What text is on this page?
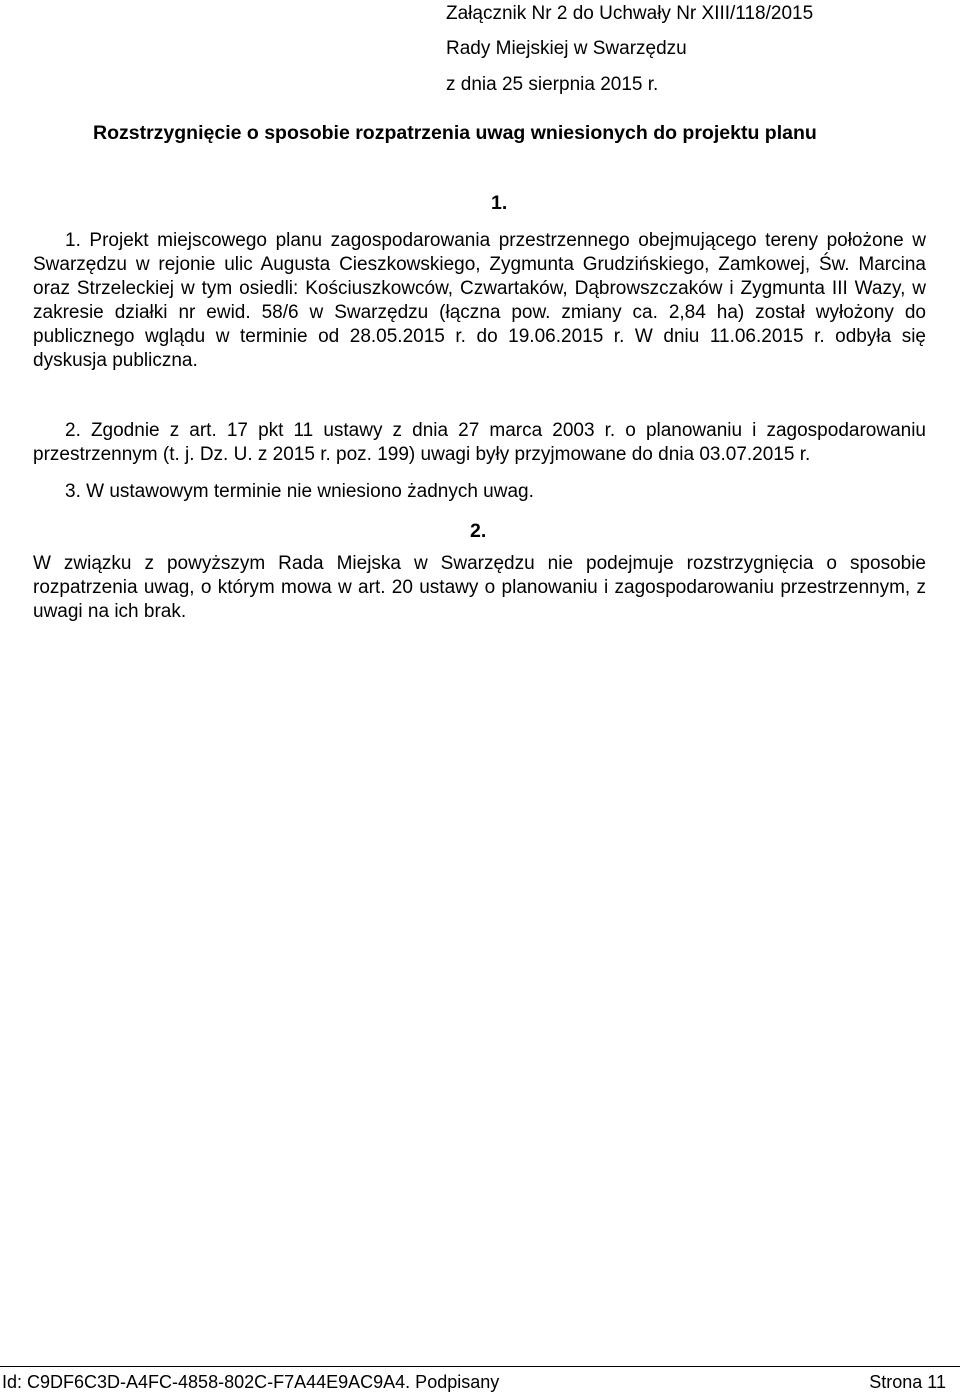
Załącznik Nr 2 do Uchwały Nr XIII/118/2015
Rady Miejskiej w Swarzędzu
z dnia 25 sierpnia 2015 r.
Rozstrzygnięcie o sposobie rozpatrzenia uwag wniesionych do projektu planu
1.
1. Projekt miejscowego planu zagospodarowania przestrzennego obejmującego tereny położone w Swarzędzu w rejonie ulic Augusta Cieszkowskiego, Zygmunta Grudzińskiego, Zamkowej, Św. Marcina oraz Strzeleckiej w tym osiedli: Kościuszkowców, Czwartaków, Dąbrowszczaków i Zygmunta III Wazy, w zakresie działki nr ewid. 58/6 w Swarzędzu (łączna pow. zmiany ca. 2,84 ha) został wyłożony do publicznego wglądu w terminie od 28.05.2015 r. do 19.06.2015 r. W dniu 11.06.2015 r. odbyła się dyskusja publiczna.
2. Zgodnie z art. 17 pkt 11 ustawy z dnia 27 marca 2003 r. o planowaniu i zagospodarowaniu przestrzennym (t. j. Dz. U. z 2015 r. poz. 199) uwagi były przyjmowane do dnia 03.07.2015 r.
3. W ustawowym terminie nie wniesiono żadnych uwag.
2.
W związku z powyższym Rada Miejska w Swarzędzu nie podejmuje rozstrzygnięcia o sposobie rozpatrzenia uwag, o którym mowa w art. 20 ustawy o planowaniu i zagospodarowaniu przestrzennym, z uwagi na ich brak.
Id: C9DF6C3D-A4FC-4858-802C-F7A44E9AC9A4. Podpisany	Strona 11
